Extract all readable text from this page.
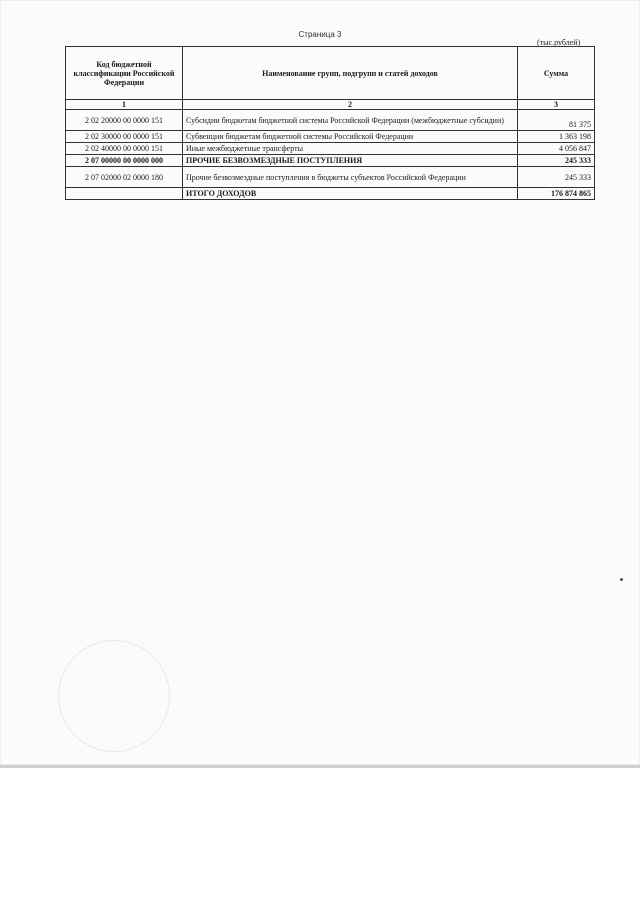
Страница 3
(тыс.рублей)
Код бюджетной классификации Российской Федерации	Наименование групп, подгрупп и статей доходов	Сумма
1	2	3
2 02 20000 00 0000 151	Субсидии бюджетам бюджетной системы Российской Федерации (межбюджетные субсидии)	81 375
2 02 30000 00 0000 151	Субвенции бюджетам бюджетной системы Российской Федерации	1 363 198
2 02 40000 00 0000 151	Иные межбюджетные трансферты	4 056 847
2 07 00000 00 0000 000	ПРОЧИЕ БЕЗВОЗМЕЗДНЫЕ ПОСТУПЛЕНИЯ	245 333
2 07 02000 02 0000 180	Прочие безвозмездные поступления в бюджеты субъектов Российской Федерации	245 333
	ИТОГО ДОХОДОВ	176 874 865
